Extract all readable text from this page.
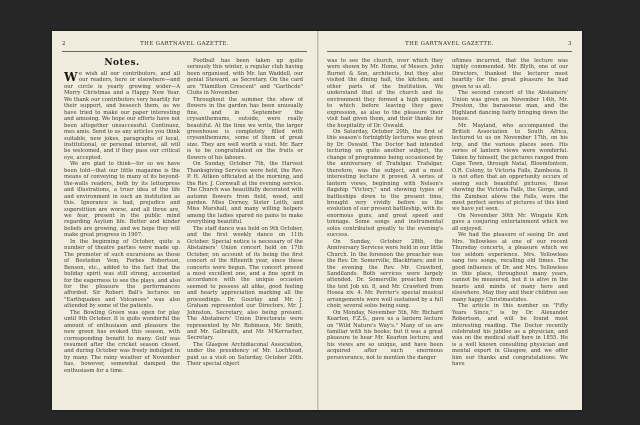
2	THE GARTNAVEL GAZETTE.
Notes.

We wish all our contributors, and all our readers, here or elsewhere—and our circle is yearly growing wider—A Merry Christmas and a Happy New Year. We thank our contributors very heartily for their support, and beseech them, as we have tried to make our paper interesting and amusing. We hope our efforts have not been altogether unsuccessful. Continuez, mes amis. Send to us any articles you think suitable, new jokes, paragraphs of local, institutional, or personal interest, all will be welcomed, and if they pass our critical eye, accepted.

We are glad to think—for so we have been told—that our little magazine is the means of conveying to many of its beyond-the-walls readers, both by its letterpress and illustrations, a truer idea of the life and environment in such an institution as this. Ignorance is bad, prejudice and superstition are worse, and all three are, we fear, present in the public mind regarding Asylum life. Better and kinder beliefs are growing, and we hope they will make great progress in 1907.

In the beginning of October, quite a number of theatre parties were made up. The promoter of such excursions as those of Bostedon Vem, Forbes Robertson, Benson, etc., added to the fact that the holiday spirit was still strong, accounted for the eagerness to see the plays, and also for the pleasure the performances afforded. Sir Robert Ball's lectures on "Earthquakes and Volcanoes" was also attended by some of the patients.

The Bowling Green was open for play until 9th October. It is quite wonderful the amount of enthusiasm and pleasure the new green has evoked this season, with corresponding benefit to many. Golf was resumed after the cricket season closed, and during October was freely indulged in by many. The rainy weather of November has, however, somewhat damped the enthusiasm for a time.

Football has been taken up quite seriously this winter, a regular club having been organised, with Mr. Ian Waddell, our genial Steward, as Secretary. On the card are "Hamilton Crescent" and "Garthcde" Clubs in November.

Throughout the summer the show of flowers in the garden has been unusually fine, and in September the crysanthemums, outside, were really beautiful. At the time we write, the larger greenhouse is completely filled with crysanthemums, some of them of great size. They are well worth a visit. Mr. Barr is to be congratulated on the fruits or flowers of his labours.

On Sunday, October 7th, the Harvest Thanksgiving Services were held, the Rev. P. H. Aitken officiated at the morning, and the Rev. J. Cornwall at the evening service. The Church was beautifully decorated with autumn flowers from field, wood, and garden. Miss Dorney, Sister Leith, and Miss Marshall, and many willing helpers among the ladies spared no pains to make everything beautiful.

The staff dance was held on 9th October, and the first weekly dance on 11th October. Special notice is necessary of the Abstainers' Union concert held on 17th October, on account of its being the first concert of the fifteenth year, since these concerts were begun. The concert proved a most excellent one, and a fine spirit in accordance with the unique occasion seemed to possess all alike, good feeling and hearty appreciation marking all the proceedings. Dr. Gourlay and Mr. J. Graham represented our Directors, Mr. J. Johnston, Secretary, also being present. The Abstainers' Union Directorate were represented by Mr. Robinson, Mr. Smith, and Mr. Galbraith, and Mr. M'Kerracher, Secretary.

The Glasgow Archidiaconal Association, under the presidency of Mr. Lochhead, paid us a visit on Saturday, October 20th. Their special object

THE GARTNAVEL GAZETTE.	3

was to see the church, over which they were shown by Mr. Home, of Messrs. John Burnet & Son, architects, but they also visited the dining hall, the kitchen, and other parts of the Institution. We understand that of the church and its environment they formed a high opinion, to which before leaving they gave expression, as also to the pleasure their visit had given them, and their thanks for the hospitality of Dr. Oswald.

On Saturday, October 20th, the first of this season's fortnightly lectures was given by Dr. Oswald. The Doctor had intended lecturing on quite another subject, the change of programme being occasioned by the anniversary of Trafalgar. Trafalgar, therefore, was the subject, and a most interesting lecture it proved. A series of lantern views, beginning with Nelson's flagship "Victory," and showing types of battleships down to the present time, brought very vividly before us the evolution of our present battleship, with its enormous guns, and great speed and tonnage. Some songs and instrumental solos contributed greatly to the evening's success.

On Sunday, October 28th, the Anniversary Services were held in our little Church. In the forenoon the preacher was the Rev. Dr. Somerville, Blackfriars; and in the evening the Rev. Mr. Crawford, Sandilands. Both services were largely attended. Dr. Somerville preached from the text Job xii. 8, and Mr. Crawford from Hosea xiv. 4. Mr. Perrier's special musical arrangements were well sustained by a full choir, several solos being sung.

On Monday, November 5th, Mr. Richard Kearton, F.Z.S., gave us a lantern lecture on "Wild Nature's Way's." Many of us are familiar with his books; but it was a great pleasure to hear Mr. Kearton lecture; and his views are so unique, and have been acquired after such enormous perseverance, not to mention the danger

oftimes incurred, that the lecture was highly commended. Mr. Blyth, one of our Directors, thanked the lecturer most heartily for the great pleasure he had given to us all.

The second concert of the Abstainers' Union was given on November 14th, Mr. Preston, the baraeoeue man, and the Highland dancing fairly bringing down the house.

Mr. Mayland, who accompanied the British Association to South Africa, lectured to us on November 17th, on his trip, and the various places seen. His series of lantern views were wonderful. Taken by himself, the pictures ranged from Cape Town, through Natal, Bloemfontein, O.R. Colony, to Victoria Falls, Zambesia. It is not often that an opportunity occurs of seeing such beautiful pictures, those showing the Victoria Falls, the Gorge, and the Zambezi above the Falls, were the most perfect series of pictures of this kind we have yet seen.

On November 30th Mr. Wingate Kirk gave a conjuring entertainment which we all enjoyed.

We had the pleasure of seeing Dr. and Mrs. Yellowlees at one of our recent Thursday concerts, a pleasure which we too seldom experience. Mrs. Yellowlees sang two songs, recalling old times. The good influence of Dr. and Mrs. Yellowlees in this place, throughout many years, cannot be measured, but it is alive in the hearts and minds of many here and elsewhere. May they and their children see many happy Christmastides.

The article in this number on "Fifty Years Since," is by Dr. Alexander Robertson, and will be found most interesting reading. The Doctor recently celebrated his jubilee as a physician, and was on the medical staff here in 1855. He is a well known consulting physician and mental expert in Glasgow, and we offer him our thanks and congratulations. We have
